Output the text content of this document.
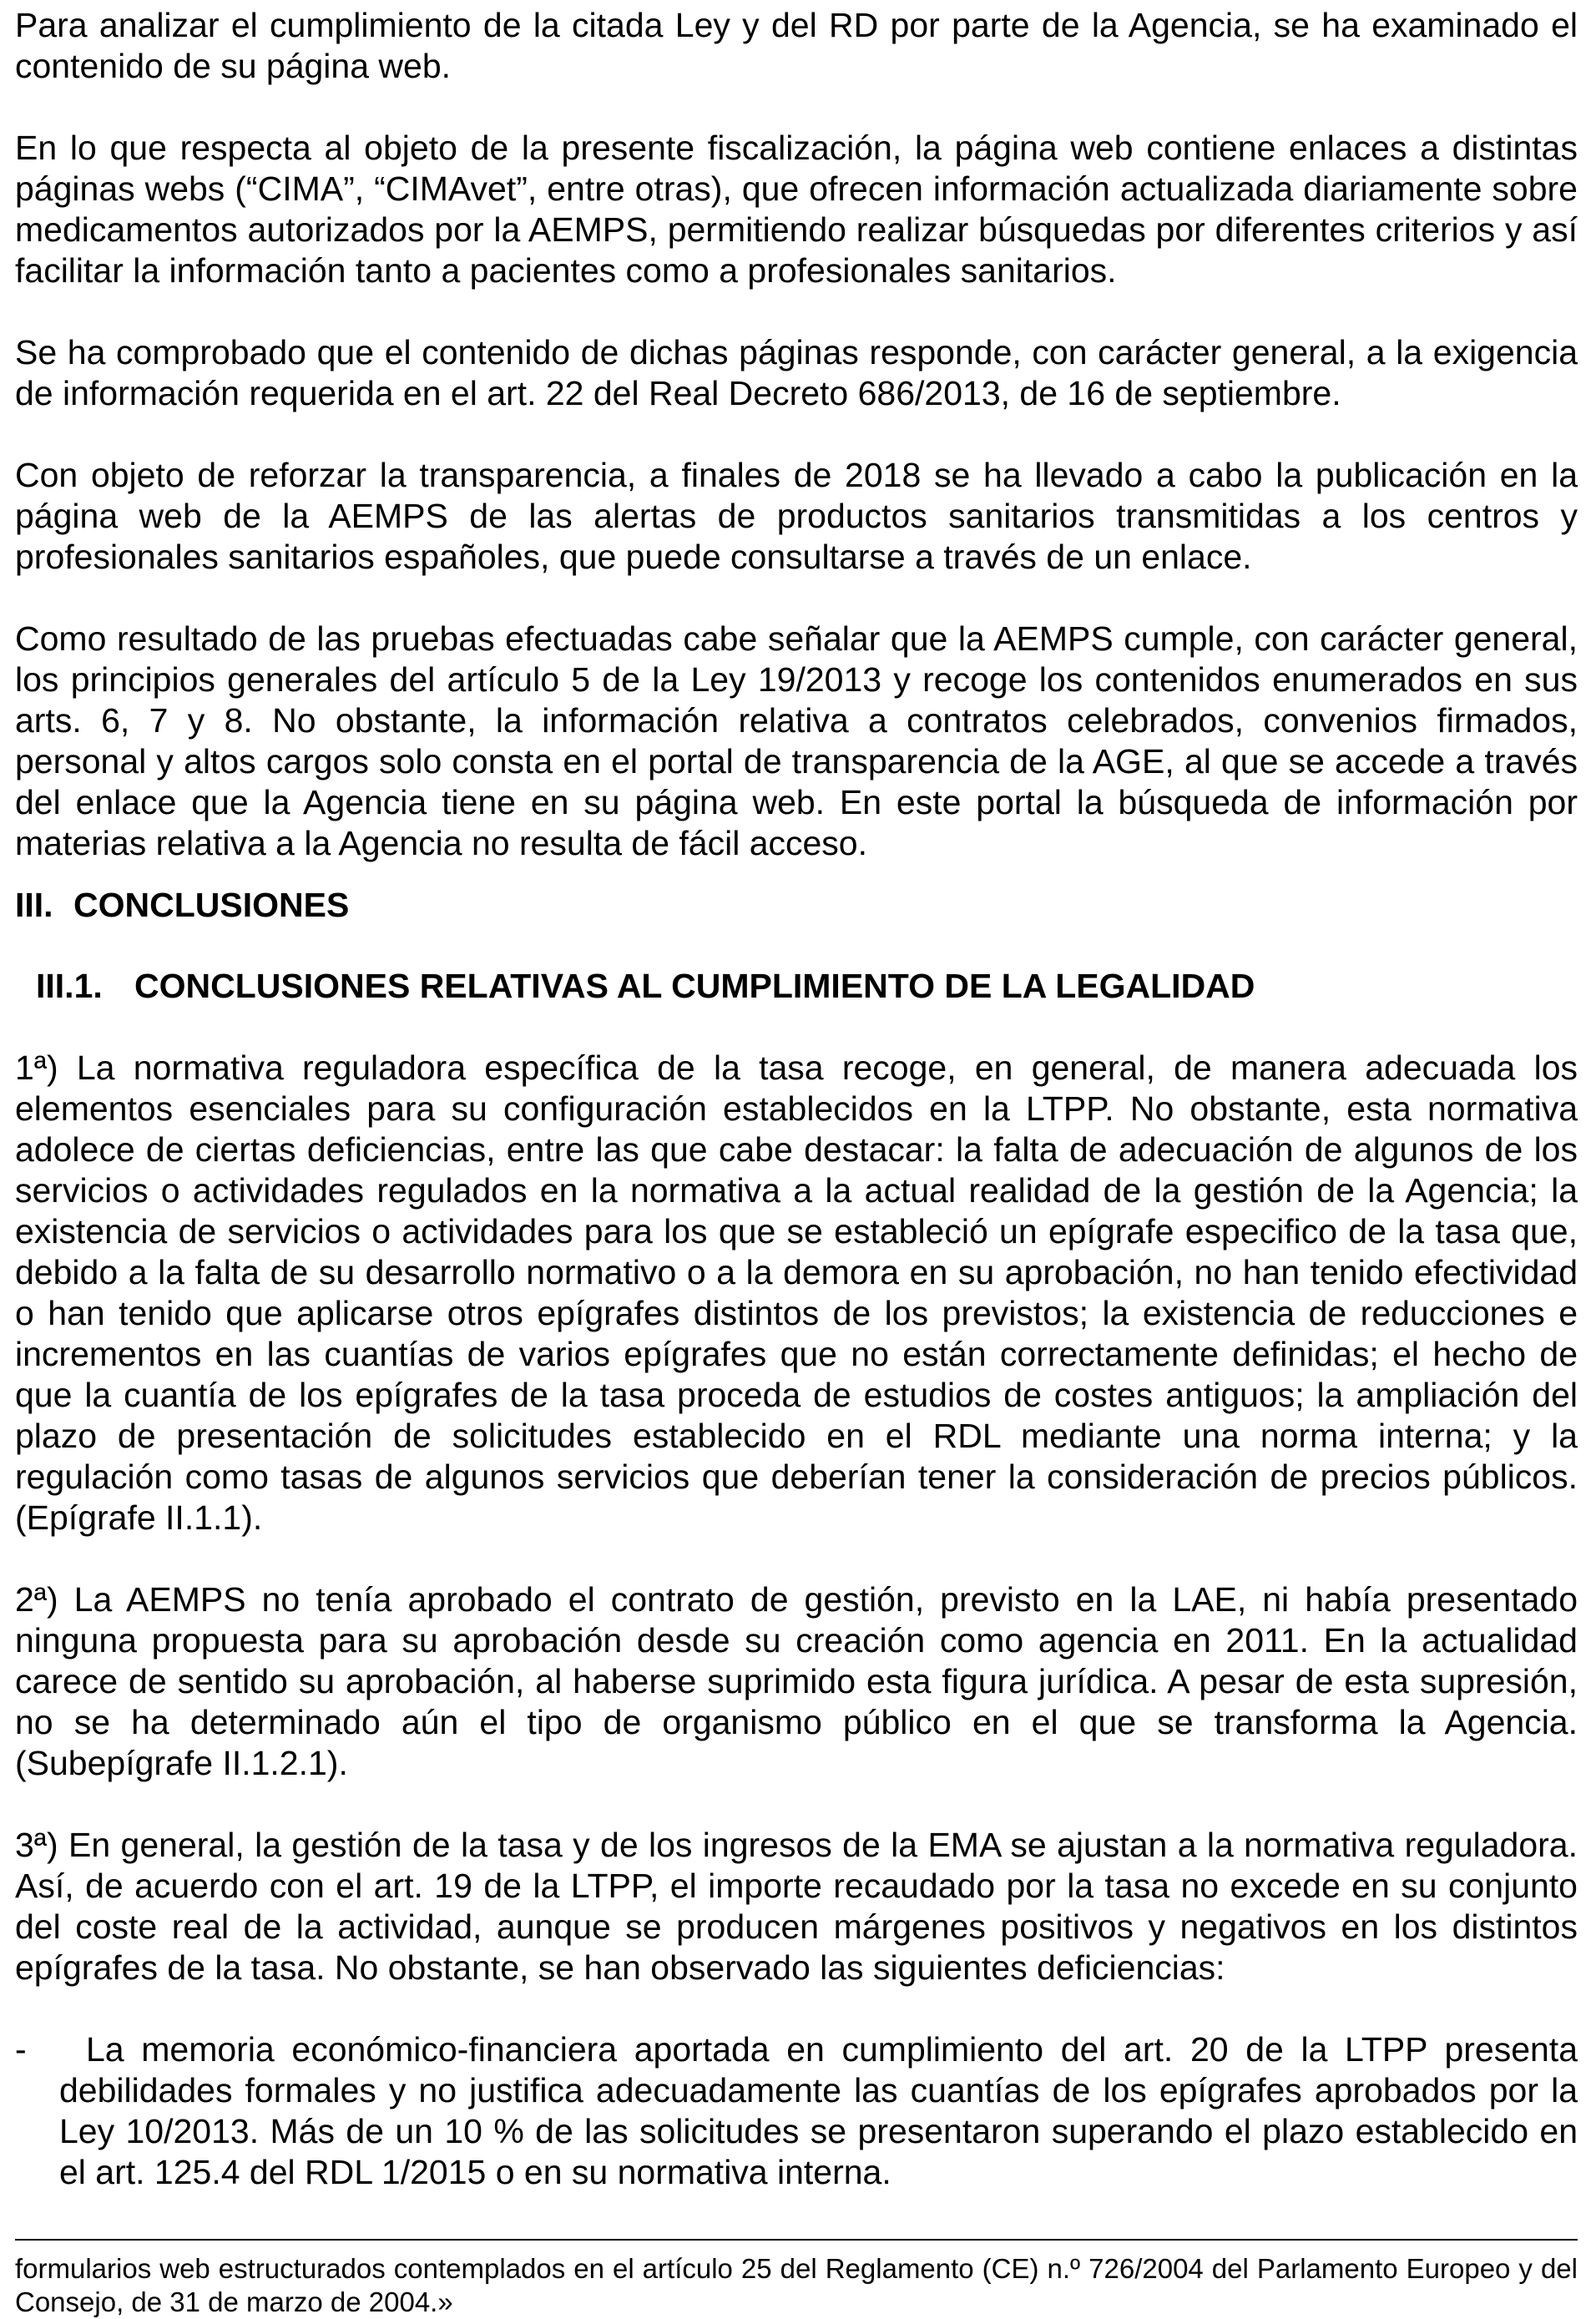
Para analizar el cumplimiento de la citada Ley y del RD por parte de la Agencia, se ha examinado el contenido de su página web.

En lo que respecta al objeto de la presente fiscalización, la página web contiene enlaces a distintas páginas webs (“CIMA”, “CIMAvet”, entre otras), que ofrecen información actualizada diariamente sobre medicamentos autorizados por la AEMPS, permitiendo realizar búsquedas por diferentes criterios y así facilitar la información tanto a pacientes como a profesionales sanitarios.

Se ha comprobado que el contenido de dichas páginas responde, con carácter general, a la exigencia de información requerida en el art. 22 del Real Decreto 686/2013, de 16 de septiembre.

Con objeto de reforzar la transparencia, a finales de 2018 se ha llevado a cabo la publicación en la página web de la AEMPS de las alertas de productos sanitarios transmitidas a los centros y profesionales sanitarios españoles, que puede consultarse a través de un enlace.

Como resultado de las pruebas efectuadas cabe señalar que la AEMPS cumple, con carácter general, los principios generales del artículo 5 de la Ley 19/2013 y recoge los contenidos enumerados en sus arts. 6, 7 y 8. No obstante, la información relativa a contratos celebrados, convenios firmados, personal y altos cargos solo consta en el portal de transparencia de la AGE, al que se accede a través del enlace que la Agencia tiene en su página web. En este portal la búsqueda de información por materias relativa a la Agencia no resulta de fácil acceso.

III. CONCLUSIONES
III.1. CONCLUSIONES RELATIVAS AL CUMPLIMIENTO DE LA LEGALIDAD

1ª) La normativa reguladora específica de la tasa recoge, en general, de manera adecuada los elementos esenciales para su configuración establecidos en la LTPP. No obstante, esta normativa adolece de ciertas deficiencias, entre las que cabe destacar: la falta de adecuación de algunos de los servicios o actividades regulados en la normativa a la actual realidad de la gestión de la Agencia; la existencia de servicios o actividades para los que se estableció un epígrafe especifico de la tasa que, debido a la falta de su desarrollo normativo o a la demora en su aprobación, no han tenido efectividad o han tenido que aplicarse otros epígrafes distintos de los previstos; la existencia de reducciones e incrementos en las cuantías de varios epígrafes que no están correctamente definidas; el hecho de que la cuantía de los epígrafes de la tasa proceda de estudios de costes antiguos; la ampliación del plazo de presentación de solicitudes establecido en el RDL mediante una norma interna; y la regulación como tasas de algunos servicios que deberían tener la consideración de precios públicos. (Epígrafe II.1.1).

2ª) La AEMPS no tenía aprobado el contrato de gestión, previsto en la LAE, ni había presentado ninguna propuesta para su aprobación desde su creación como agencia en 2011. En la actualidad carece de sentido su aprobación, al haberse suprimido esta figura jurídica. A pesar de esta supresión, no se ha determinado aún el tipo de organismo público en el que se transforma la Agencia. (Subepígrafe II.1.2.1).

3ª) En general, la gestión de la tasa y de los ingresos de la EMA se ajustan a la normativa reguladora. Así, de acuerdo con el art. 19 de la LTPP, el importe recaudado por la tasa no excede en su conjunto del coste real de la actividad, aunque se producen márgenes positivos y negativos en los distintos epígrafes de la tasa. No obstante, se han observado las siguientes deficiencias:

-	La memoria económico-financiera aportada en cumplimiento del art. 20 de la LTPP presenta debilidades formales y no justifica adecuadamente las cuantías de los epígrafes aprobados por la Ley 10/2013. Más de un 10 % de las solicitudes se presentaron superando el plazo establecido en el art. 125.4 del RDL 1/2015 o en su normativa interna.

formularios web estructurados contemplados en el artículo 25 del Reglamento (CE) n.º 726/2004 del Parlamento Europeo y del Consejo, de 31 de marzo de 2004.»
